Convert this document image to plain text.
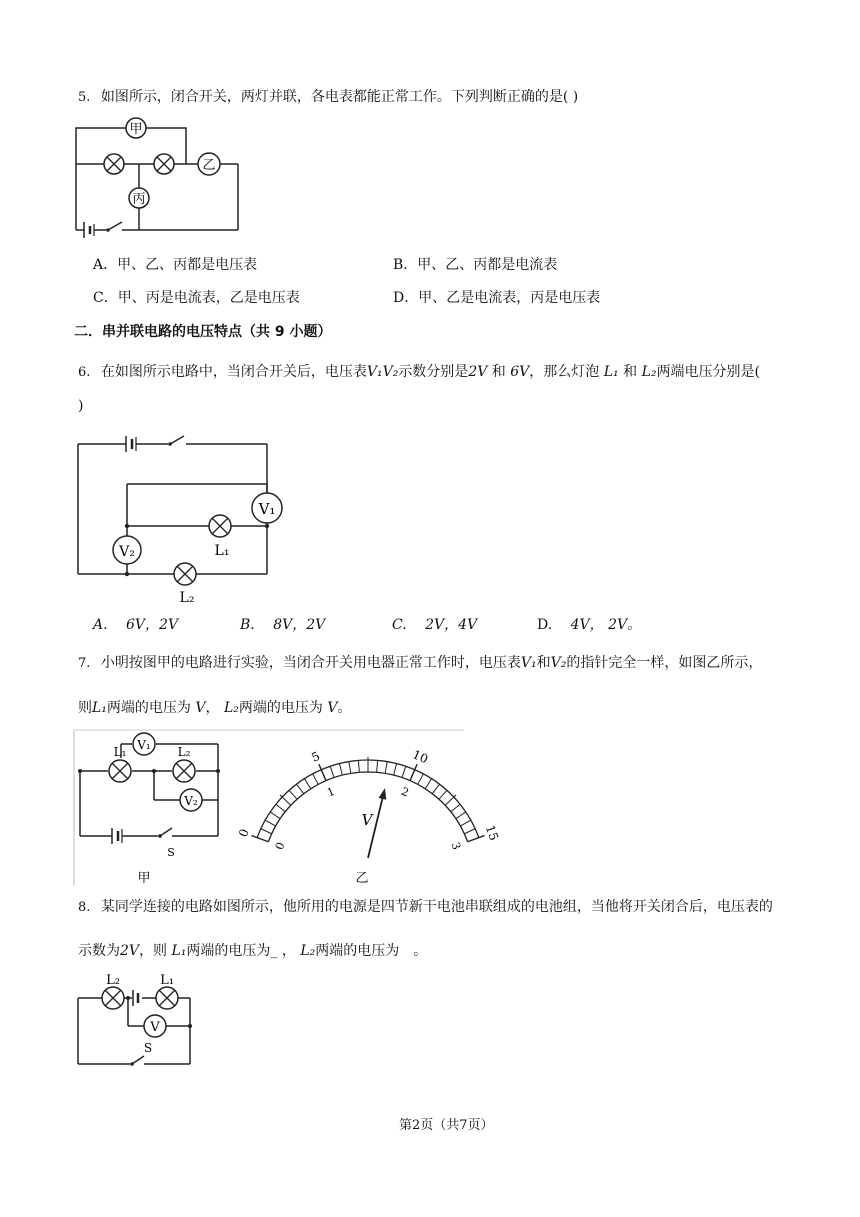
5. 如图所示，闭合开关，两灯并联，各电表都能正常工作。下列判断正确的是( )
甲
乙
丙
A．甲、乙、丙都是电压表	B．甲、乙、丙都是电流表
C．甲、丙是电流表，乙是电压表	D．甲、乙是电流表，丙是电压表
二．串并联电路的电压特点（共 9 小题）
6. 在如图所示电路中，当闭合开关后，电压表V₁V₂示数分别是2V 和 6V，那么灯泡 L₁ 和 L₂两端电压分别是(
)
V₁
V₂	L₁
L₂
A. 6V，2V	B. 8V，2V	C. 2V，4V	D. 4V， 2V。
7. 小明按图甲的电路进行实验，当闭合开关用电器正常工作时，电压表V₁和V₂的指针完全一样，如图乙所示，
则L₁两端的电压为 V， L₂两端的电压为 V。
V₁
L₁	L₂
V₂
S
甲
0
5	10
15
0
1	2
3
V
乙
8. 某同学连接的电路如图所示，他所用的电源是四节新干电池串联组成的电池组，当他将开关闭合后，电压表的
示数为2V，则 L₁两端的电压为_ ， L₂两端的电压为　。
L₂	L₁
V
S
第2页（共7页）
